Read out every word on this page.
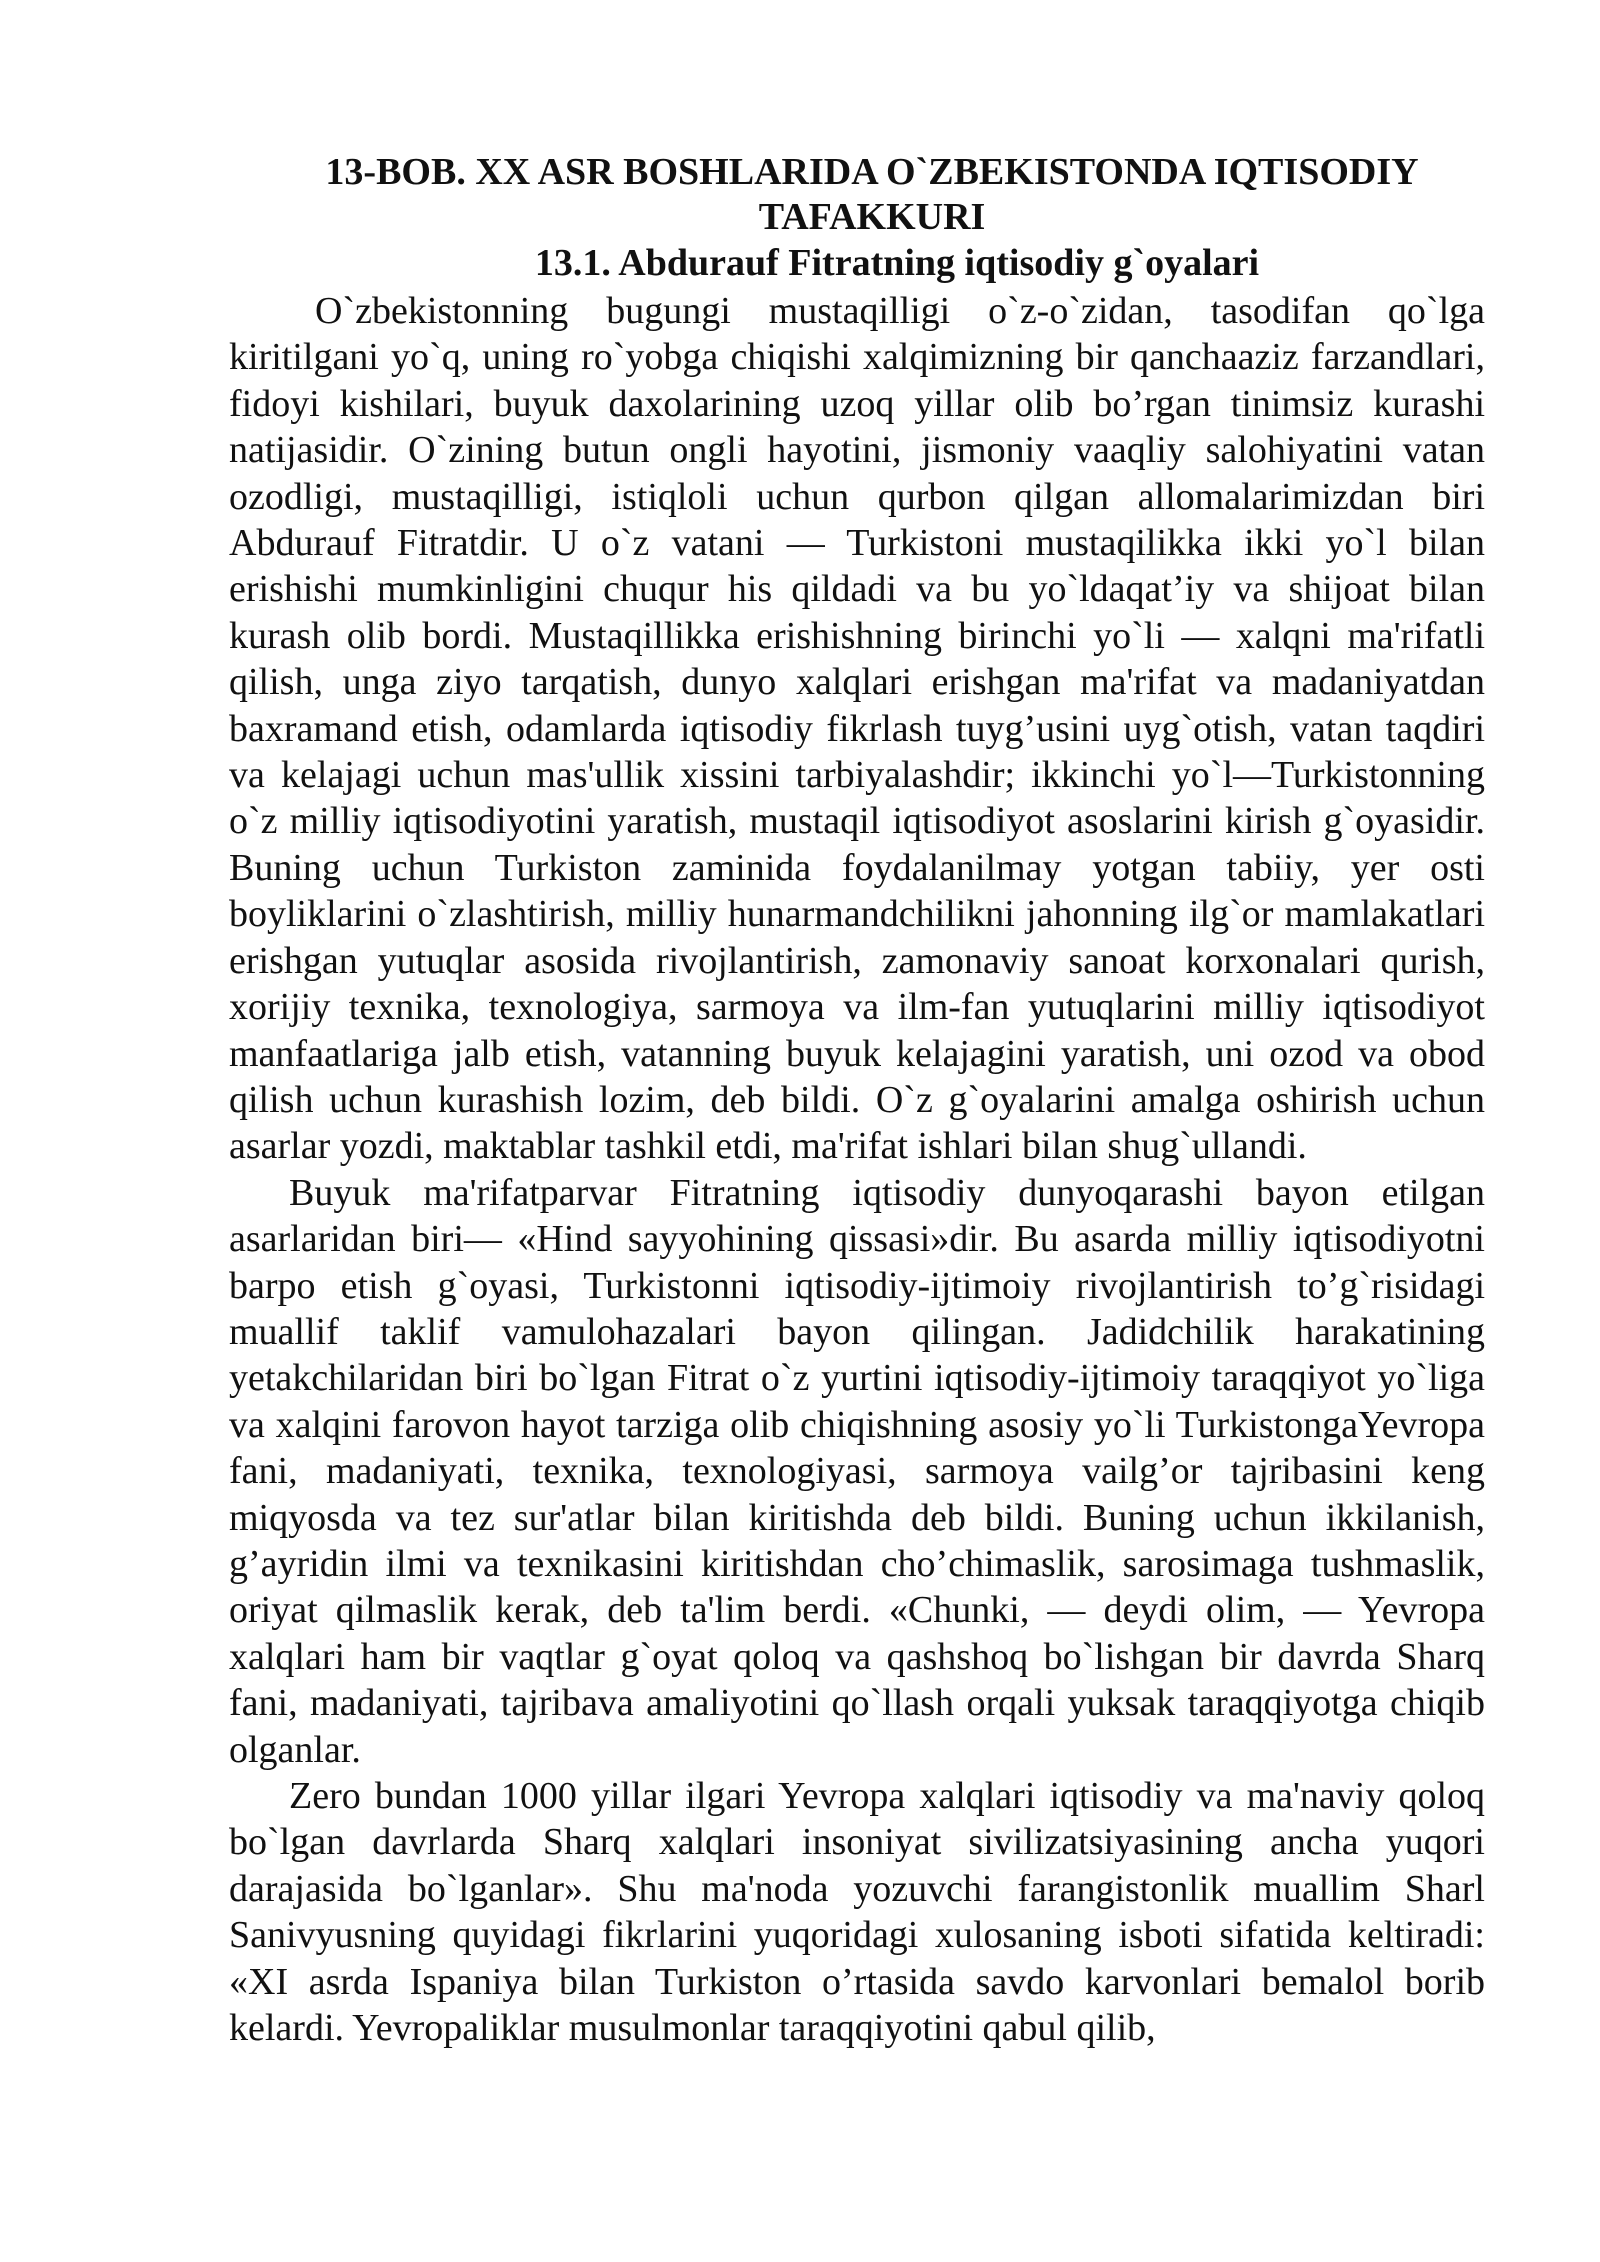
13-BOB. XX ASR BOSHLARIDA O`ZBEKISTONDA IQTISODIY

TAFAKKURI

13.1. Abdurauf Fitratning iqtisodiy g`oyalari

O`zbekistonning bugungi mustaqilligi o`z-o`zidan, tasodifan qo`lga kiritilgani yo`q, uning ro`yobga chiqishi xalqimizning bir qanchaaziz farzandlari, fidoyi kishilari, buyuk daxolarining uzoq yillar olib bo’rgan tinimsiz kurashi natijasidir. O`zining butun ongli hayotini, jismoniy vaaqliy salohiyatini vatan ozodligi, mustaqilligi, istiqloli uchun qurbon qilgan allomalarimizdan biri Abdurauf Fitratdir. U o`z vatani — Turkistoni mustaqilikka ikki yo`l bilan erishishi mumkinligini chuqur his qildadi va bu yo`ldaqat’iy va shijoat bilan kurash olib bordi. Mustaqillikka erishishning birinchi yo`li — xalqni ma'rifatli qilish, unga ziyo tarqatish, dunyo xalqlari erishgan ma'rifat va madaniyatdan baxramand etish, odamlarda iqtisodiy fikrlash tuyg’usini uyg`otish, vatan taqdiri va kelajagi uchun mas'ullik xissini tarbiyalashdir; ikkinchi yo`l—Turkistonning o`z milliy iqtisodiyotini yaratish, mustaqil iqtisodiyot asoslarini kirish g`oyasidir. Buning uchun Turkiston zaminida foydalanilmay yotgan tabiiy, yer osti boyliklarini o`zlashtirish, milliy hunarmandchilikni jahonning ilg`or mamlakatlari erishgan yutuqlar asosida rivojlantirish, zamonaviy sanoat korxonalari qurish, xorijiy texnika, texnologiya, sarmoya va ilm-fan yutuqlarini milliy iqtisodiyot manfaatlariga jalb etish, vatanning buyuk kelajagini yaratish, uni ozod va obod qilish uchun kurashish lozim, deb bildi. O`z g`oyalarini amalga oshirish uchun asarlar yozdi, maktablar tashkil etdi, ma'rifat ishlari bilan shug`ullandi.

Buyuk ma'rifatparvar Fitratning iqtisodiy dunyoqarashi bayon etilgan asarlaridan biri— «Hind sayyohining qissasi»dir. Bu asarda milliy iqtisodiyotni barpo etish g`oyasi, Turkistonni iqtisodiy-ijtimoiy rivojlantirish to’g`risidagi muallif taklif vamulohazalari bayon qilingan. Jadidchilik harakatining yetakchilaridan biri bo`lgan Fitrat o`z yurtini iqtisodiy-ijtimoiy taraqqiyot yo`liga va xalqini farovon hayot tarziga olib chiqishning asosiy yo`li TurkistongaYevropa fani, madaniyati, texnika, texnologiyasi, sarmoya vailg’or tajribasini keng miqyosda va tez sur'atlar bilan kiritishda deb bildi. Buning uchun ikkilanish, g’ayridin ilmi va texnikasini kiritishdan cho’chimaslik, sarosimaga tushmaslik, oriyat qilmaslik kerak, deb ta'lim berdi. «Chunki, — deydi olim, — Yevropa xalqlari ham bir vaqtlar g`oyat qoloq va qashshoq bo`lishgan bir davrda Sharq fani, madaniyati, tajribava amaliyotini qo`llash orqali yuksak taraqqiyotga chiqib olganlar.

Zero bundan 1000 yillar ilgari Yevropa xalqlari iqtisodiy va ma'naviy qoloq bo`lgan davrlarda Sharq xalqlari insoniyat sivilizatsiyasining ancha yuqori darajasida bo`lganlar». Shu ma'noda yozuvchi farangistonlik muallim Sharl Sanivyusning quyidagi fikrlarini yuqoridagi xulosaning isboti sifatida keltiradi: «XI asrda Ispaniya bilan Turkiston o’rtasida savdo karvonlari bemalol borib kelardi. Yevropaliklar musulmonlar taraqqiyotini qabul qilib,
